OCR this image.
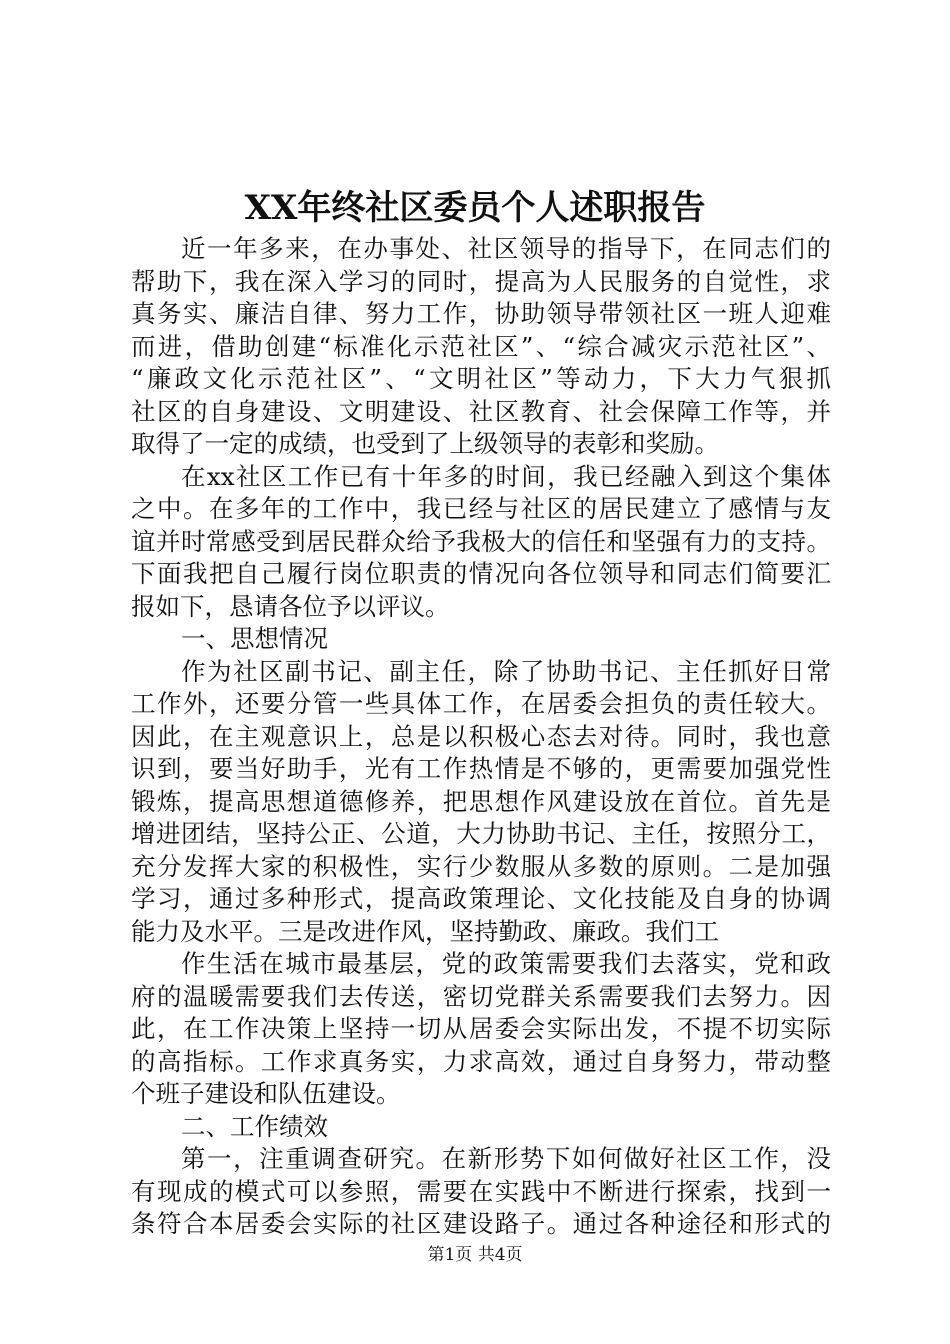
XX年终社区委员个人述职报告
近一年多来，在办事处、社区领导的指导下，在同志们的
帮助下，我在深入学习的同时，提高为人民服务的自觉性，求
真务实、廉洁自律、努力工作，协助领导带领社区一班人迎难
而进，借助创建“标准化示范社区”、“综合减灾示范社区”、
“廉政文化示范社区”、“文明社区”等动力，下大力气狠抓
社区的自身建设、文明建设、社区教育、社会保障工作等，并
取得了一定的成绩，也受到了上级领导的表彰和奖励。
在xx社区工作已有十年多的时间，我已经融入到这个集体
之中。在多年的工作中，我已经与社区的居民建立了感情与友
谊并时常感受到居民群众给予我极大的信任和坚强有力的支持。
下面我把自己履行岗位职责的情况向各位领导和同志们简要汇
报如下，恳请各位予以评议。
一、思想情况
作为社区副书记、副主任，除了协助书记、主任抓好日常
工作外，还要分管一些具体工作，在居委会担负的责任较大。
因此，在主观意识上，总是以积极心态去对待。同时，我也意
识到，要当好助手，光有工作热情是不够的，更需要加强党性
锻炼，提高思想道德修养，把思想作风建设放在首位。首先是
增进团结，坚持公正、公道，大力协助书记、主任，按照分工，
充分发挥大家的积极性，实行少数服从多数的原则。二是加强
学习，通过多种形式，提高政策理论、文化技能及自身的协调
能力及水平。三是改进作风，坚持勤政、廉政。我们工
作生活在城市最基层，党的政策需要我们去落实，党和政
府的温暖需要我们去传送，密切党群关系需要我们去努力。因
此，在工作决策上坚持一切从居委会实际出发，不提不切实际
的高指标。工作求真务实，力求高效，通过自身努力，带动整
个班子建设和队伍建设。
二、工作绩效
第一，注重调查研究。在新形势下如何做好社区工作，没
有现成的模式可以参照，需要在实践中不断进行探索，找到一
条符合本居委会实际的社区建设路子。通过各种途径和形式的
第1页 共4页
